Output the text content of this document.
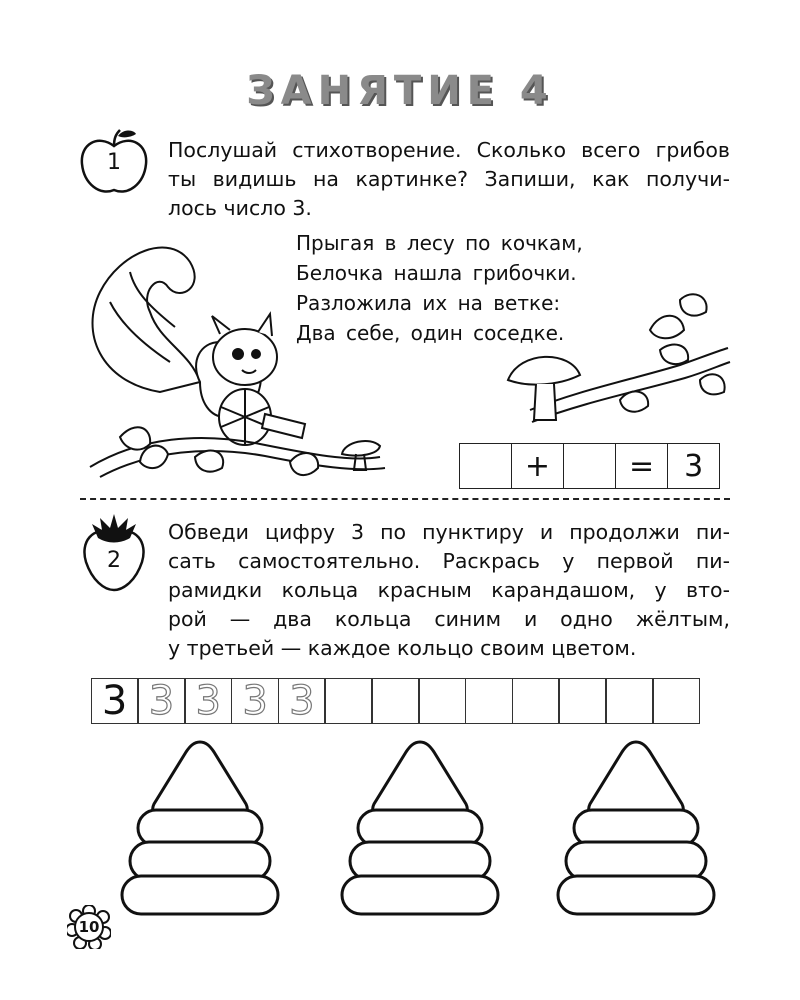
ЗАНЯТИЕ 4
1	Послушай стихотворение. Сколько всего грибов
ты видишь на картинке? Запиши, как получи-
лось число 3.
Прыгая в лесу по кочкам,
Белочка нашла грибочки.
Разложила их на ветке:
Два себе, один соседке.
+	= 3
2
Обведи цифру 3 по пунктиру и продолжи пи-
сать самостоятельно. Раскрась у первой пи-
рамидки кольца красным карандашом, у вто-
рой — два кольца синим и одно жёлтым,
у третьей — каждое кольцо своим цветом.
3 3 3 3 3
10
